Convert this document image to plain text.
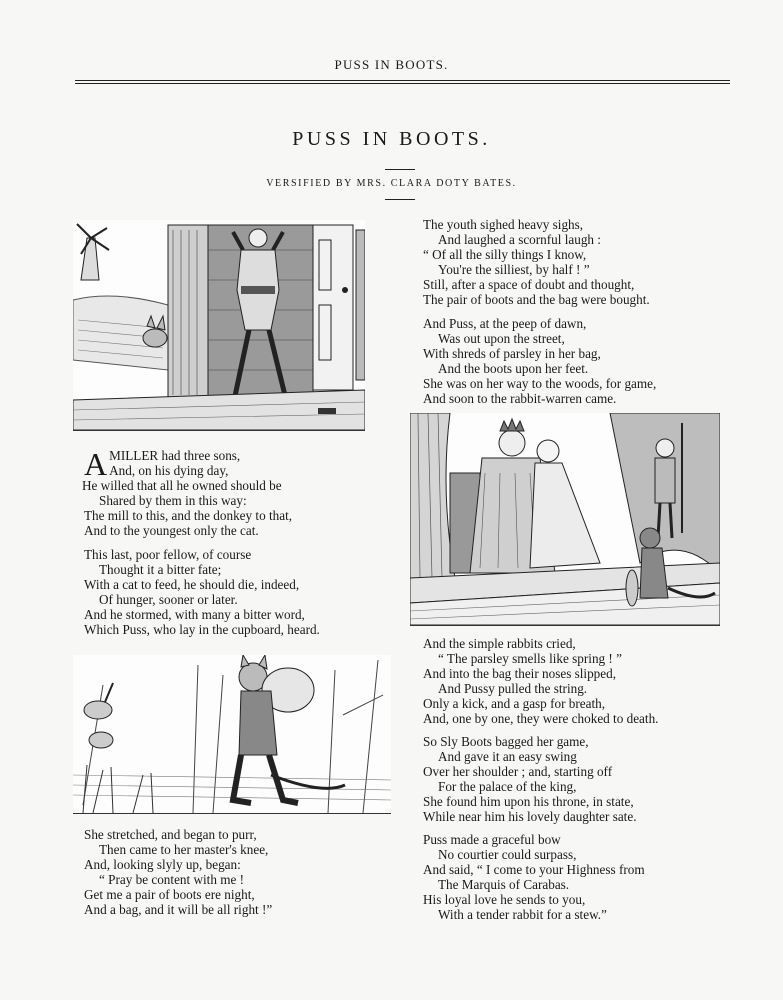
PUSS IN BOOTS.
PUSS IN BOOTS.
VERSIFIED BY MRS. CLARA DOTY BATES.
A MILLER had three sons,
And, on his dying day,
He willed that all he owned should be
Shared by them in this way:
The mill to this, and the donkey to that,
And to the youngest only the cat.
This last, poor fellow, of course
Thought it a bitter fate;
With a cat to feed, he should die, indeed,
Of hunger, sooner or later.
And he stormed, with many a bitter word,
Which Puss, who lay in the cupboard, heard.
She stretched, and began to purr,
Then came to her master's knee,
And, looking slyly up, began:
“ Pray be content with me !
Get me a pair of boots ere night,
And a bag, and it will be all right !”
The youth sighed heavy sighs,
And laughed a scornful laugh :
“ Of all the silly things I know,
You're the silliest, by half ! ”
Still, after a space of doubt and thought,
The pair of boots and the bag were bought.
And Puss, at the peep of dawn,
Was out upon the street,
With shreds of parsley in her bag,
And the boots upon her feet.
She was on her way to the woods, for game,
And soon to the rabbit-warren came.
And the simple rabbits cried,
“ The parsley smells like spring ! ”
And into the bag their noses slipped,
And Pussy pulled the string.
Only a kick, and a gasp for breath,
And, one by one, they were choked to death.
So Sly Boots bagged her game,
And gave it an easy swing
Over her shoulder ; and, starting off
For the palace of the king,
She found him upon his throne, in state,
While near him his lovely daughter sate.
Puss made a graceful bow
No courtier could surpass,
And said, “ I come to your Highness from
The Marquis of Carabas.
His loyal love he sends to you,
With a tender rabbit for a stew.”
